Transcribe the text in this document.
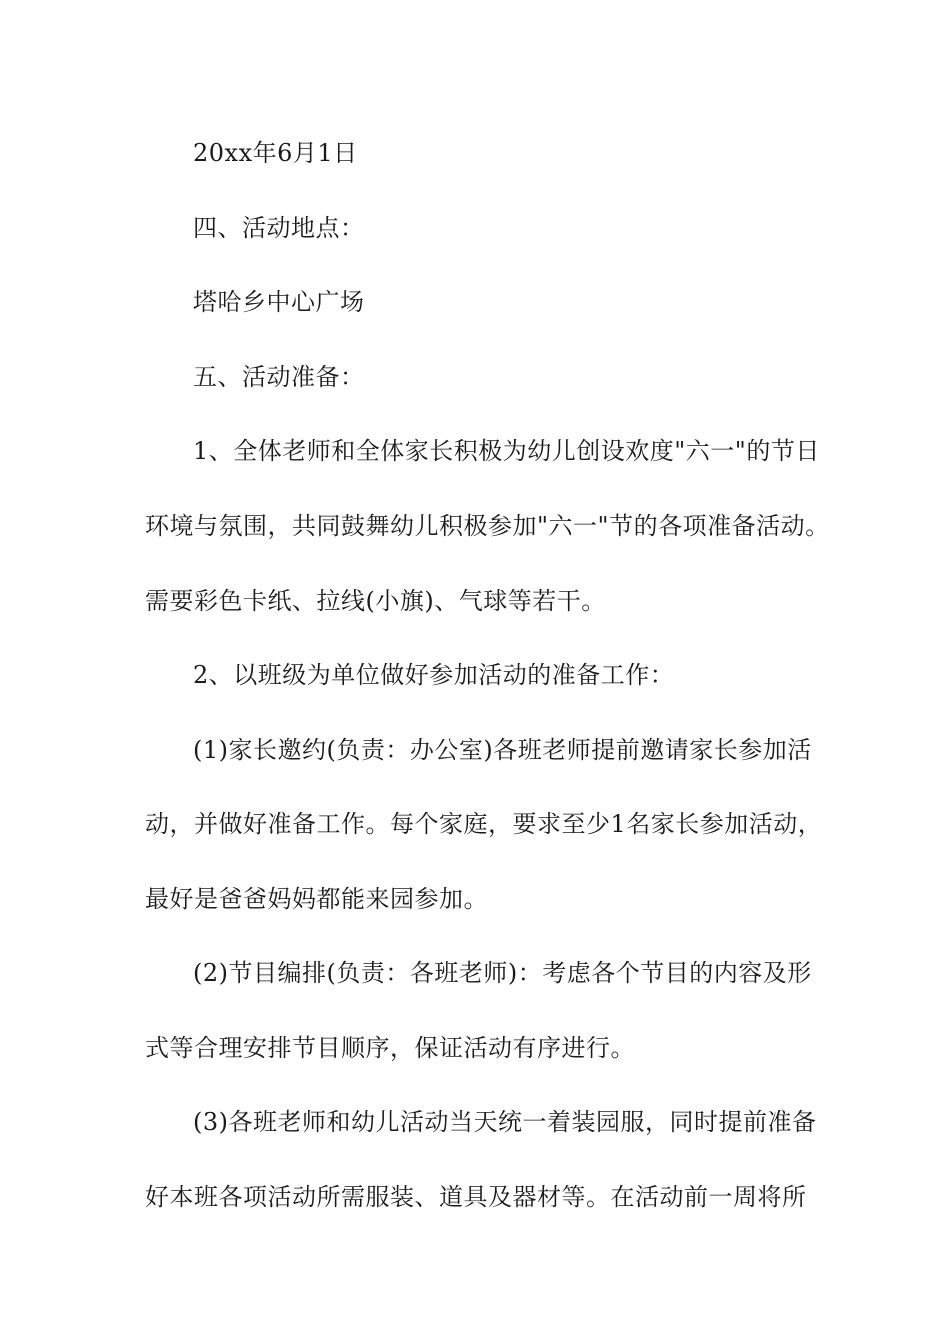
20xx年6月1日
四、活动地点：
塔哈乡中心广场
五、活动准备：
1、全体老师和全体家长积极为幼儿创设欢度"六一"的节日
环境与氛围，共同鼓舞幼儿积极参加"六一"节的各项准备活动。
需要彩色卡纸、拉线(小旗)、气球等若干。
2、以班级为单位做好参加活动的准备工作：
(1)家长邀约(负责：办公室)各班老师提前邀请家长参加活
动，并做好准备工作。每个家庭，要求至少1名家长参加活动，
最好是爸爸妈妈都能来园参加。
(2)节目编排(负责：各班老师)：考虑各个节目的内容及形
式等合理安排节目顺序，保证活动有序进行。
(3)各班老师和幼儿活动当天统一着装园服，同时提前准备
好本班各项活动所需服装、道具及器材等。在活动前一周将所
